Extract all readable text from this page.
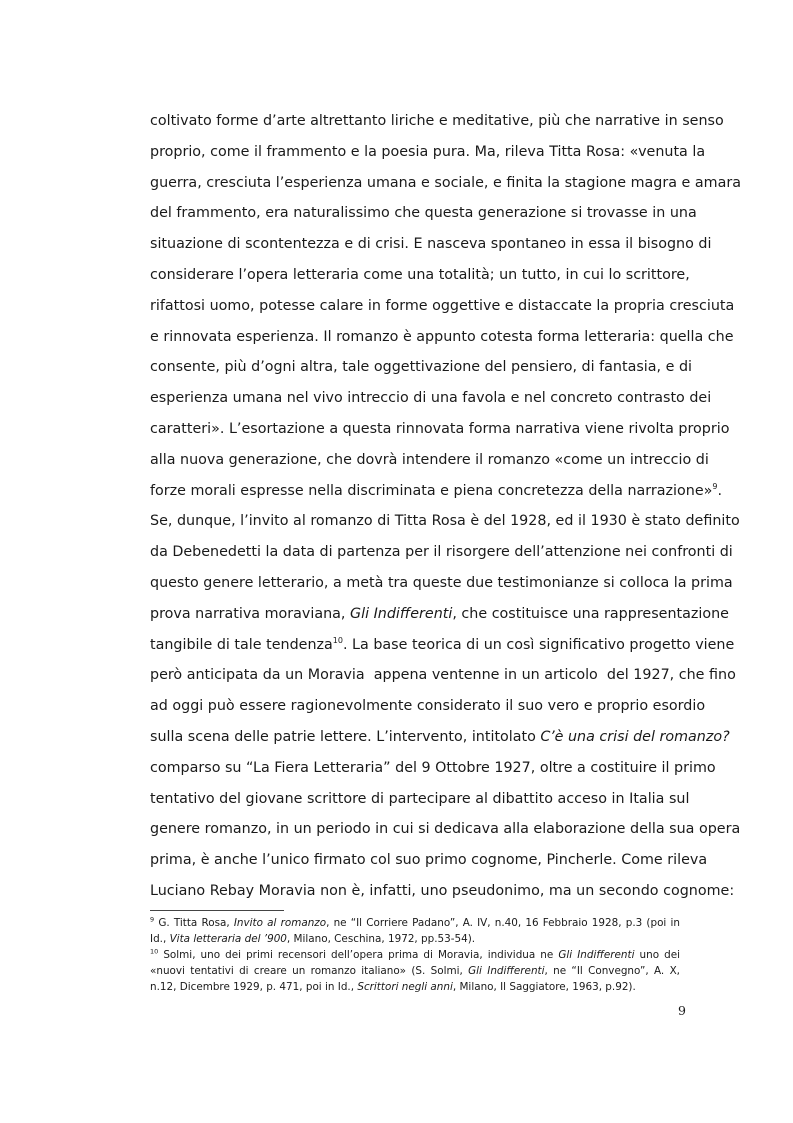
coltivato forme d’arte altrettanto liriche e meditative, più che narrative in senso
proprio, come il frammento e la poesia pura. Ma, rileva Titta Rosa: «venuta la
guerra, cresciuta l’esperienza umana e sociale, e finita la stagione magra e amara
del frammento, era naturalissimo che questa generazione si trovasse in una
situazione di scontentezza e di crisi. E nasceva spontaneo in essa il bisogno di
considerare l’opera letteraria come una totalità; un tutto, in cui lo scrittore,
rifattosi uomo, potesse calare in forme oggettive e distaccate la propria cresciuta
e rinnovata esperienza. Il romanzo è appunto cotesta forma letteraria: quella che
consente, più d’ogni altra, tale oggettivazione del pensiero, di fantasia, e di
esperienza umana nel vivo intreccio di una favola e nel concreto contrasto dei
caratteri». L’esortazione a questa rinnovata forma narrativa viene rivolta proprio
alla nuova generazione, che dovrà intendere il romanzo «come un intreccio di
forze morali espresse nella discriminata e piena concretezza della narrazione»$^9$.
Se, dunque, l’invito al romanzo di Titta Rosa è del 1928, ed il 1930 è stato definito
da Debenedetti la data di partenza per il risorgere dell’attenzione nei confronti di
questo genere letterario, a metà tra queste due testimonianze si colloca la prima
prova narrativa moraviana, Gli Indifferenti, che costituisce una rappresentazione
tangibile di tale tendenza$^{10}$. La base teorica di un così significativo progetto viene
però anticipata da un Moravia  appena ventenne in un articolo  del 1927, che fino
ad oggi può essere ragionevolmente considerato il suo vero e proprio esordio
sulla scena delle patrie lettere. L’intervento, intitolato C’è una crisi del romanzo?
comparso su “La Fiera Letteraria” del 9 Ottobre 1927, oltre a costituire il primo
tentativo del giovane scrittore di partecipare al dibattito acceso in Italia sul
genere romanzo, in un periodo in cui si dedicava alla elaborazione della sua opera
prima, è anche l’unico firmato col suo primo cognome, Pincherle. Come rileva
Luciano Rebay Moravia non è, infatti, uno pseudonimo, ma un secondo cognome:
$^9$ G. Titta Rosa, Invito al romanzo, ne “Il Corriere Padano”, A. IV, n.40, 16 Febbraio 1928, p.3 (poi in
Id., Vita letteraria del ’900, Milano, Ceschina, 1972, pp.53-54).
$^{10}$ Solmi, uno dei primi recensori dell’opera prima di Moravia, individua ne Gli Indifferenti uno dei
«nuovi tentativi di creare un romanzo italiano» (S. Solmi, Gli Indifferenti, ne “Il Convegno”, A. X,
n.12, Dicembre 1929, p. 471, poi in Id., Scrittori negli anni, Milano, Il Saggiatore, 1963, p.92).
9
